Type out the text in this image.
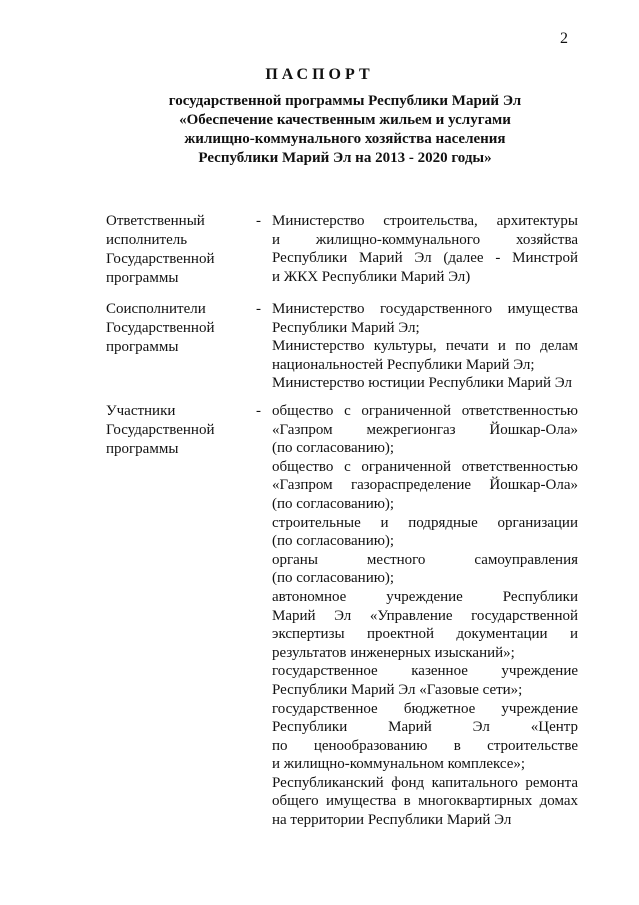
2
ПАСПОРТ
государственной программы Республики Марий Эл
«Обеспечение качественным жильем и услугами
жилищно-коммунального хозяйства населения
Республики Марий Эл на 2013 - 2020 годы»
Ответственный
исполнитель
Государственной
программы
- Министерство строительства, архитектуры
и жилищно-коммунального хозяйства
Республики Марий Эл (далее - Минстрой
и ЖКХ Республики Марий Эл)
Соисполнители
Государственной
программы
- Министерство государственного имущества
Республики Марий Эл;
Министерство культуры, печати и по делам
национальностей Республики Марий Эл;
Министерство юстиции Республики Марий Эл
Участники
Государственной
программы
- общество с ограниченной ответственностью
«Газпром межрегионгаз Йошкар-Ола»
(по согласованию);
общество с ограниченной ответственностью
«Газпром газораспределение Йошкар-Ола»
(по согласованию);
строительные и подрядные организации
(по согласованию);
органы местного самоуправления
(по согласованию);
автономное учреждение Республики
Марий Эл «Управление государственной
экспертизы проектной документации и
результатов инженерных изысканий»;
государственное казенное учреждение
Республики Марий Эл «Газовые сети»;
государственное бюджетное учреждение
Республики Марий Эл «Центр
по ценообразованию в строительстве
и жилищно-коммунальном комплексе»;
Республиканский фонд капитального ремонта
общего имущества в многоквартирных домах
на территории Республики Марий Эл
